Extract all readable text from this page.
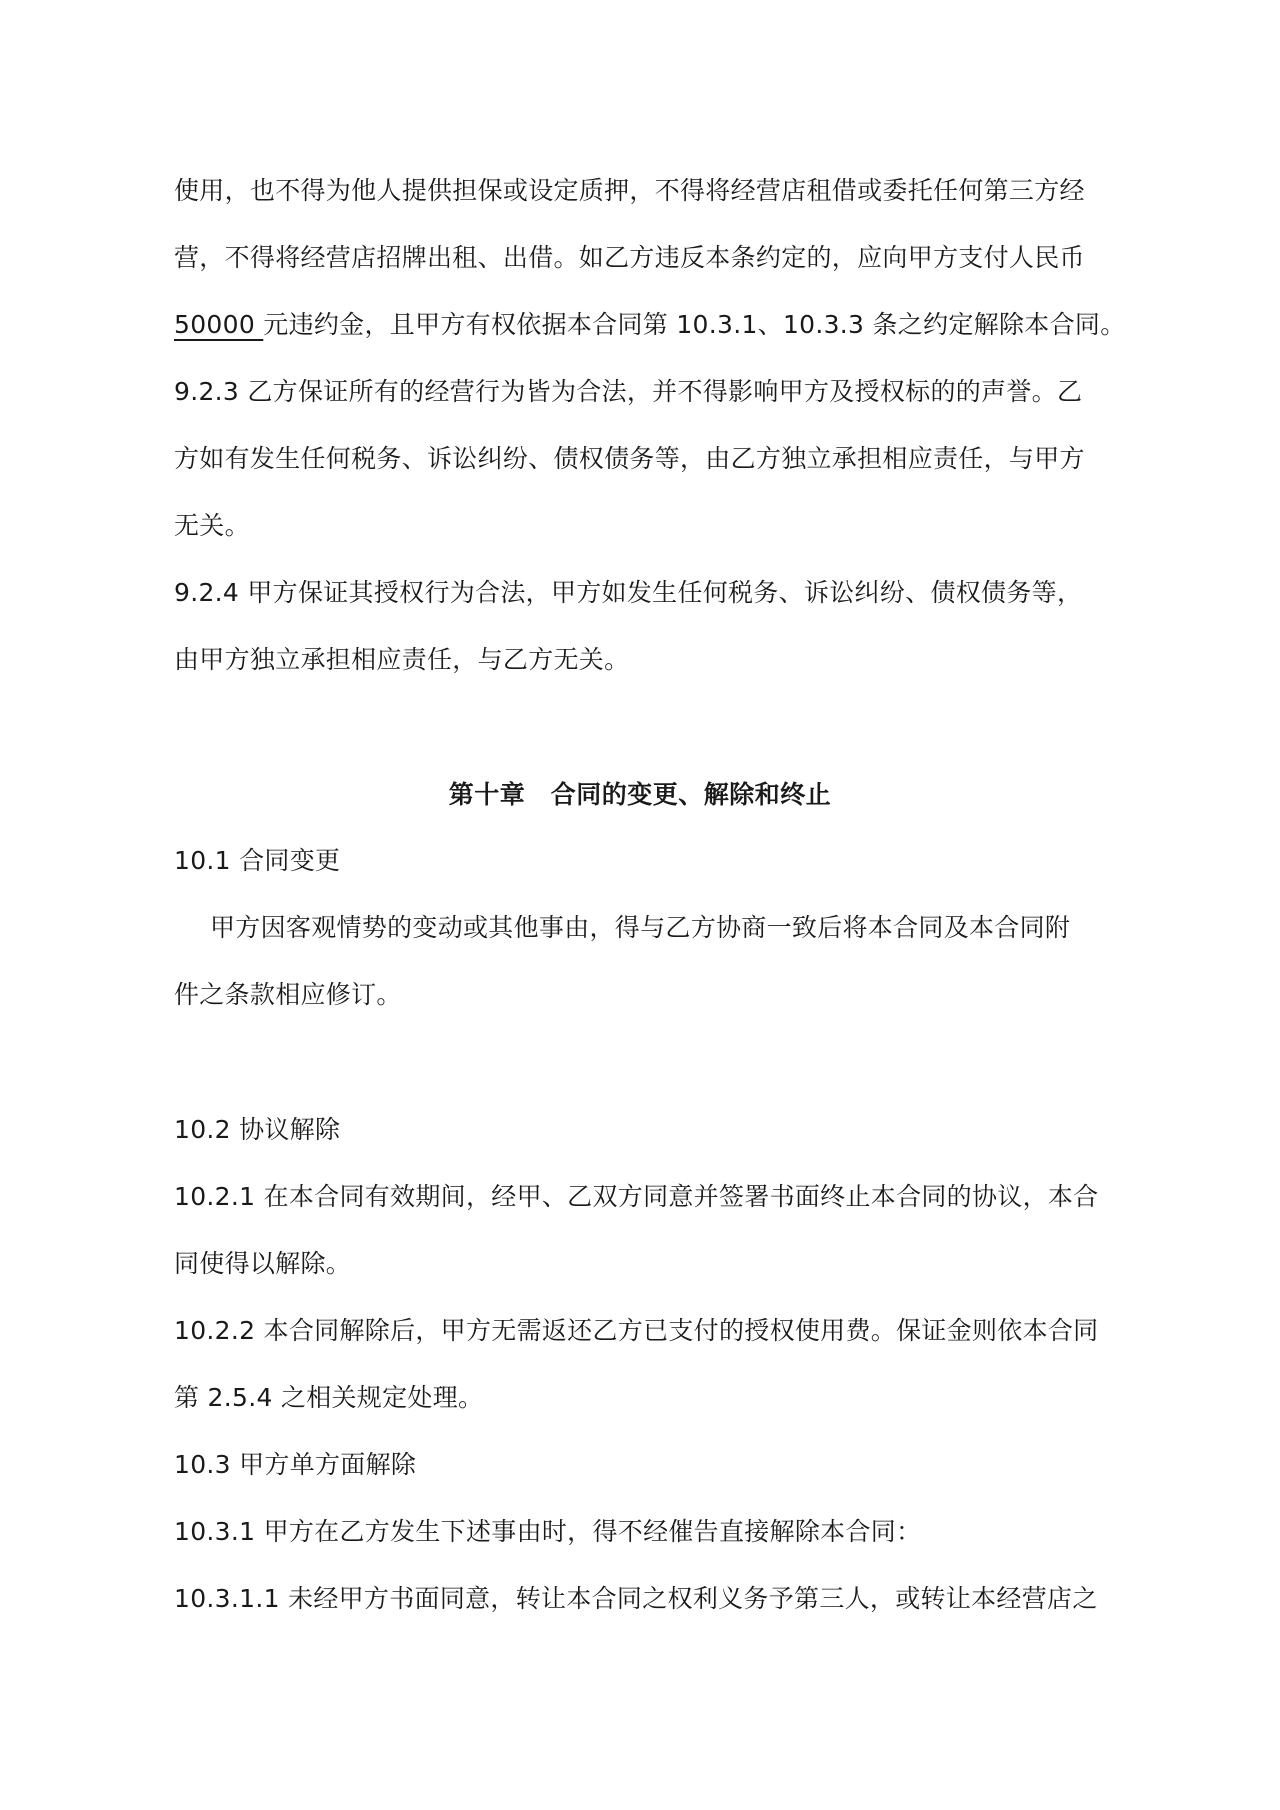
使用，也不得为他人提供担保或设定质押，不得将经营店租借或委托任何第三方经
营，不得将经营店招牌出租、出借。如乙方违反本条约定的，应向甲方支付人民币
50000 元违约金，且甲方有权依据本合同第 10.3.1、10.3.3 条之约定解除本合同。
9.2.3 乙方保证所有的经营行为皆为合法，并不得影响甲方及授权标的的声誉。乙
方如有发生任何税务、诉讼纠纷、债权债务等，由乙方独立承担相应责任，与甲方
无关。
9.2.4 甲方保证其授权行为合法，甲方如发生任何税务、诉讼纠纷、债权债务等，
由甲方独立承担相应责任，与乙方无关。
第十章　合同的变更、解除和终止
10.1 合同变更
甲方因客观情势的变动或其他事由，得与乙方协商一致后将本合同及本合同附
件之条款相应修订。
10.2 协议解除
10.2.1 在本合同有效期间，经甲、乙双方同意并签署书面终止本合同的协议，本合
同使得以解除。
10.2.2 本合同解除后，甲方无需返还乙方已支付的授权使用费。保证金则依本合同
第 2.5.4 之相关规定处理。
10.3 甲方单方面解除
10.3.1 甲方在乙方发生下述事由时，得不经催告直接解除本合同：
10.3.1.1 未经甲方书面同意，转让本合同之权利义务予第三人，或转让本经营店之
